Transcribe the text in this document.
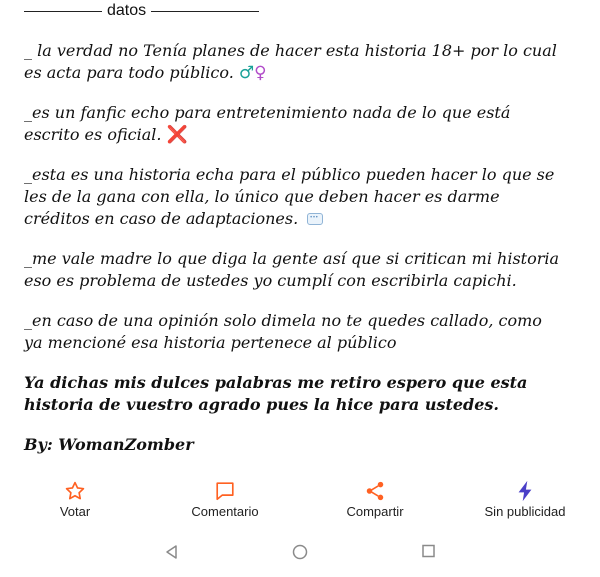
datos

_ la verdad no Tenía planes de hacer esta historia 18+ por lo cual es acta para todo público. ♂♀

_es un fanfic echo para entretenimiento nada de lo que está escrito es oficial. ❌

_esta es una historia echa para el público pueden hacer lo que se les de la gana con ella, lo único que deben hacer es darme créditos en caso de adaptaciones.

_me vale madre lo que diga la gente así que si critican mi historia eso es problema de ustedes yo cumplí con escribirla capichi.

_en caso de una opinión solo dimela no te quedes callado, como ya mencioné esa historia pertenece al público

Ya dichas mis dulces palabras me retiro espero que esta historia de vuestro agrado pues la hice para ustedes.

By: WomanZomber

Votar	Comentario	Compartir	Sin publicidad
